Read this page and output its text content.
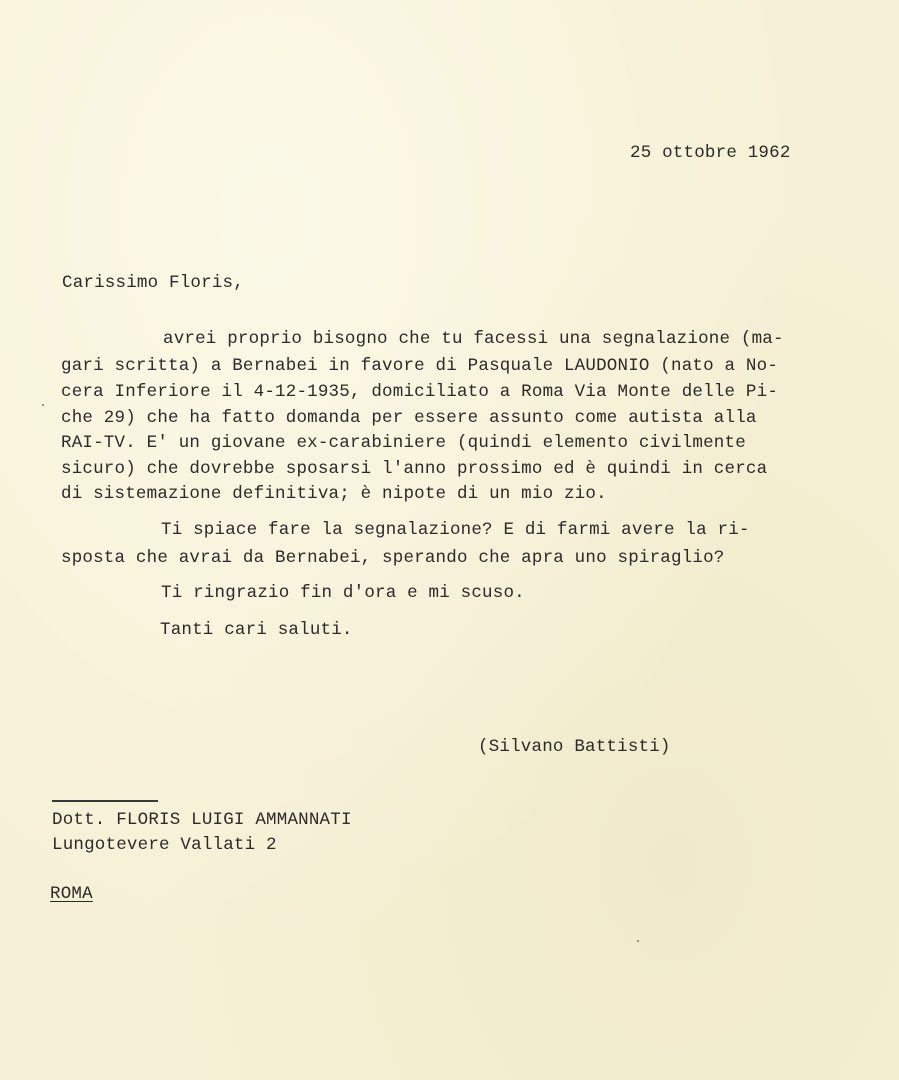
25 ottobre 1962

Carissimo Floris,

avrei proprio bisogno che tu facessi una segnalazione (ma-

gari scritta) a Bernabei in favore di Pasquale LAUDONIO (nato a No-

cera Inferiore il 4-12-1935, domiciliato a Roma Via Monte delle Pi-

che 29) che ha fatto domanda per essere assunto come autista alla

RAI-TV. E' un giovane ex-carabiniere (quindi elemento civilmente

sicuro) che dovrebbe sposarsi l'anno prossimo ed è quindi in cerca

di sistemazione definitiva; è nipote di un mio zio.

Ti spiace fare la segnalazione? E di farmi avere la ri-

sposta che avrai da Bernabei, sperando che apra uno spiraglio?

Ti ringrazio fin d'ora e mi scuso.

Tanti cari saluti.

(Silvano Battisti)

Dott. FLORIS LUIGI AMMANNATI

Lungotevere Vallati 2

ROMA
